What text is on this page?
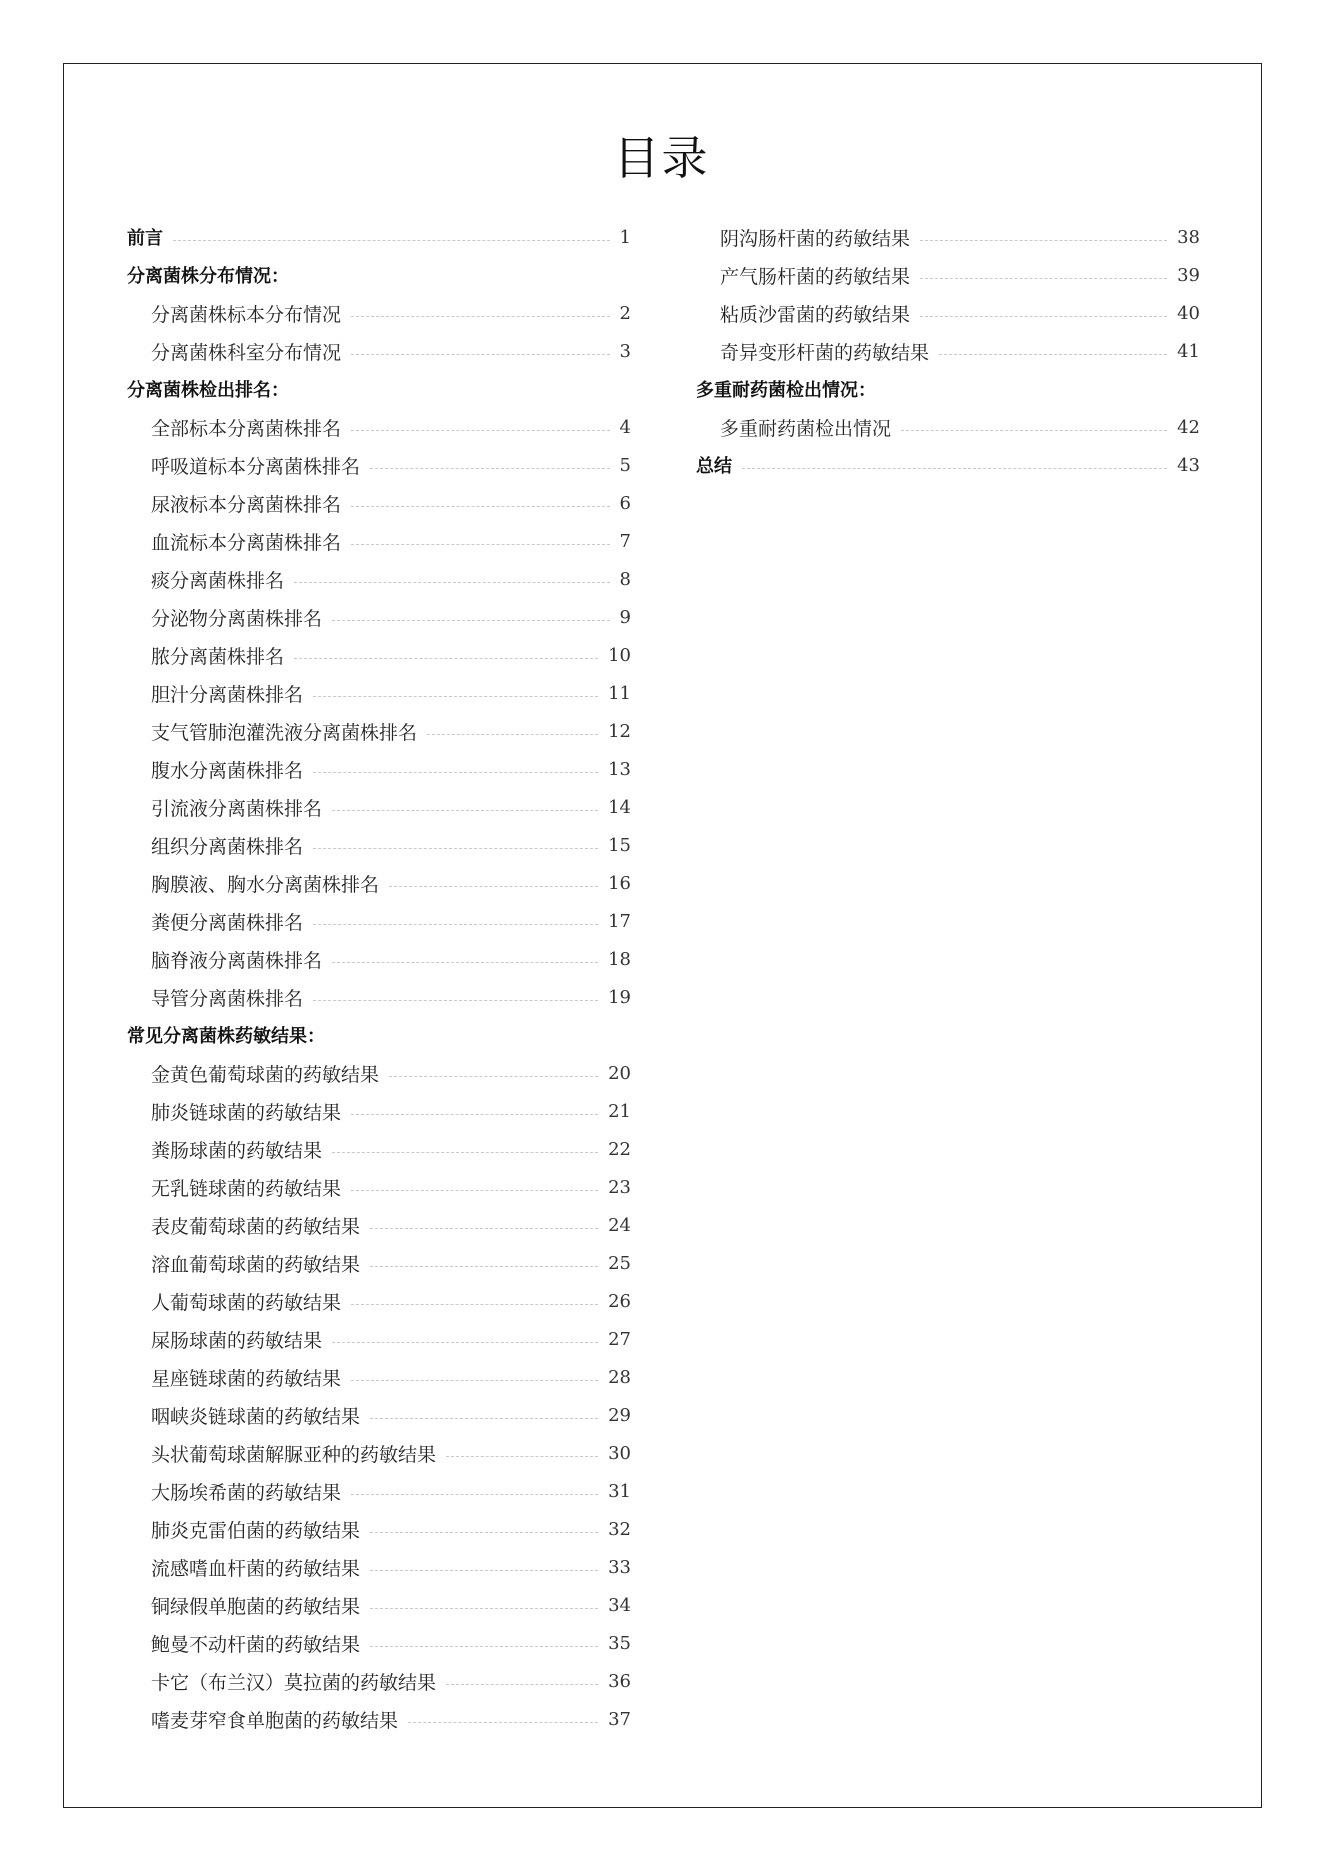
目录
前言	1
分离菌株分布情况：
分离菌株标本分布情况	2
分离菌株科室分布情况	3
分离菌株检出排名：
全部标本分离菌株排名	4
呼吸道标本分离菌株排名	5
尿液标本分离菌株排名	6
血流标本分离菌株排名	7
痰分离菌株排名	8
分泌物分离菌株排名	9
脓分离菌株排名	10
胆汁分离菌株排名	11
支气管肺泡灌洗液分离菌株排名	12
腹水分离菌株排名	13
引流液分离菌株排名	14
组织分离菌株排名	15
胸膜液、胸水分离菌株排名	16
粪便分离菌株排名	17
脑脊液分离菌株排名	18
导管分离菌株排名	19
常见分离菌株药敏结果：
金黄色葡萄球菌的药敏结果	20
肺炎链球菌的药敏结果	21
粪肠球菌的药敏结果	22
无乳链球菌的药敏结果	23
表皮葡萄球菌的药敏结果	24
溶血葡萄球菌的药敏结果	25
人葡萄球菌的药敏结果	26
屎肠球菌的药敏结果	27
星座链球菌的药敏结果	28
咽峡炎链球菌的药敏结果	29
头状葡萄球菌解脲亚种的药敏结果	30
大肠埃希菌的药敏结果	31
肺炎克雷伯菌的药敏结果	32
流感嗜血杆菌的药敏结果	33
铜绿假单胞菌的药敏结果	34
鲍曼不动杆菌的药敏结果	35
卡它（布兰汉）莫拉菌的药敏结果	36
嗜麦芽窄食单胞菌的药敏结果	37
阴沟肠杆菌的药敏结果	38
产气肠杆菌的药敏结果	39
粘质沙雷菌的药敏结果	40
奇异变形杆菌的药敏结果	41
多重耐药菌检出情况：
多重耐药菌检出情况	42
总结	43
